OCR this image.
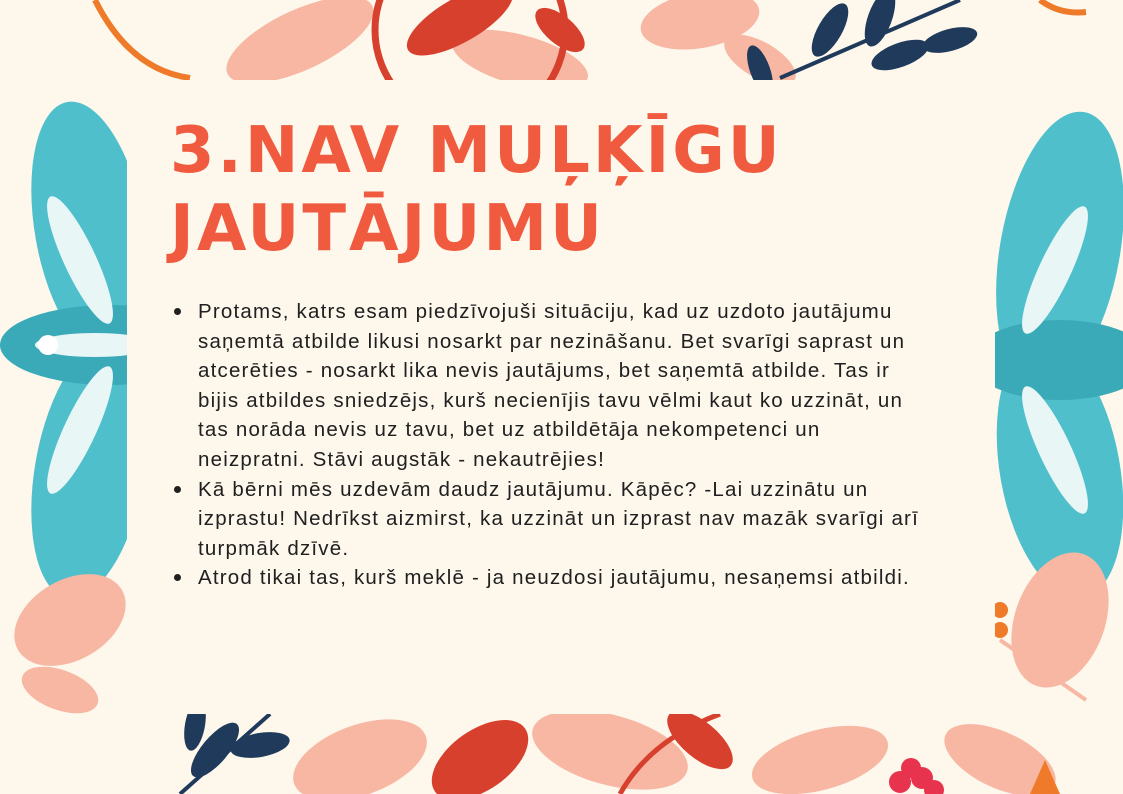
3.NAV MUĻĶĪGU JAUTĀJUMU
Protams, katrs esam piedzīvojuši situāciju, kad uz uzdoto jautājumu saņemtā atbilde likusi nosarkt par nezināšanu. Bet svarīgi saprast un atcerēties - nosarkt lika nevis jautājums, bet saņemtā atbilde. Tas ir bijis atbildes sniedzējs, kurš necienījis tavu vēlmi kaut ko uzzināt, un tas norāda nevis uz tavu, bet uz atbildētāja nekompetenci un neizpratni. Stāvi augstāk - nekautrējies!
Kā bērni mēs uzdevām daudz jautājumu. Kāpēc? -Lai uzzinātu un izprastu! Nedrīkst aizmirst, ka uzzināt un izprast nav mazāk svarīgi arī turpmāk dzīvē.
Atrod tikai tas, kurš meklē - ja neuzdosi jautājumu, nesaņemsi atbildi.
